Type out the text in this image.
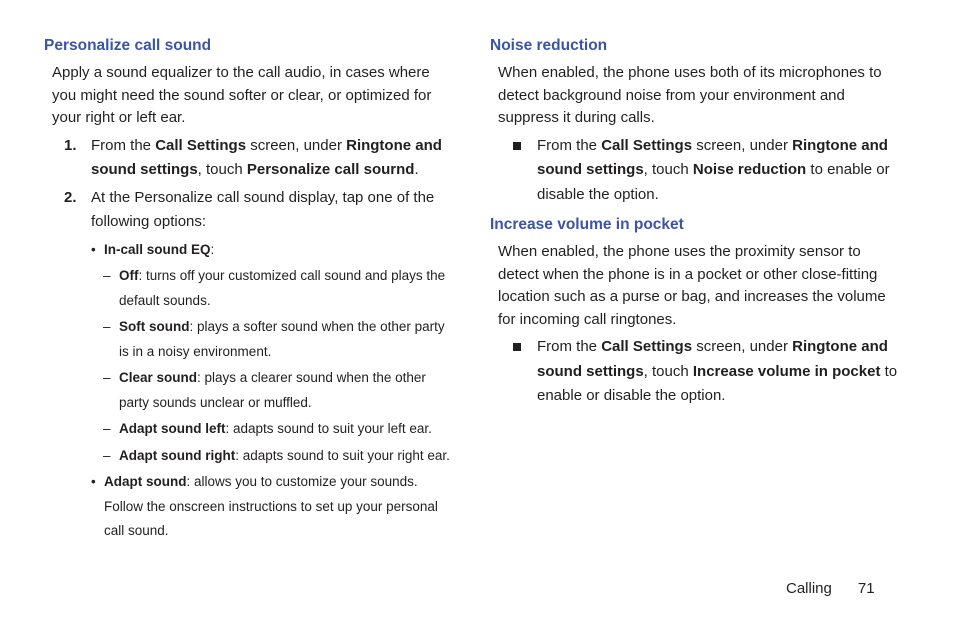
Personalize call sound

Apply a sound equalizer to the call audio, in cases where you might need the sound softer or clear, or optimized for your right or left ear.

1. From the Call Settings screen, under Ringtone and sound settings, touch Personalize call sournd.
2. At the Personalize call sound display, tap one of the following options:
• In-call sound EQ:
– Off: turns off your customized call sound and plays the default sounds.
– Soft sound: plays a softer sound when the other party is in a noisy environment.
– Clear sound: plays a clearer sound when the other party sounds unclear or muffled.
– Adapt sound left: adapts sound to suit your left ear.
– Adapt sound right: adapts sound to suit your right ear.
• Adapt sound: allows you to customize your sounds. Follow the onscreen instructions to set up your personal call sound.
Noise reduction

When enabled, the phone uses both of its microphones to detect background noise from your environment and suppress it during calls.

From the Call Settings screen, under Ringtone and sound settings, touch Noise reduction to enable or disable the option.
Increase volume in pocket

When enabled, the phone uses the proximity sensor to detect when the phone is in a pocket or other close-fitting location such as a purse or bag, and increases the volume for incoming call ringtones.

From the Call Settings screen, under Ringtone and sound settings, touch Increase volume in pocket to enable or disable the option.
Calling 71
